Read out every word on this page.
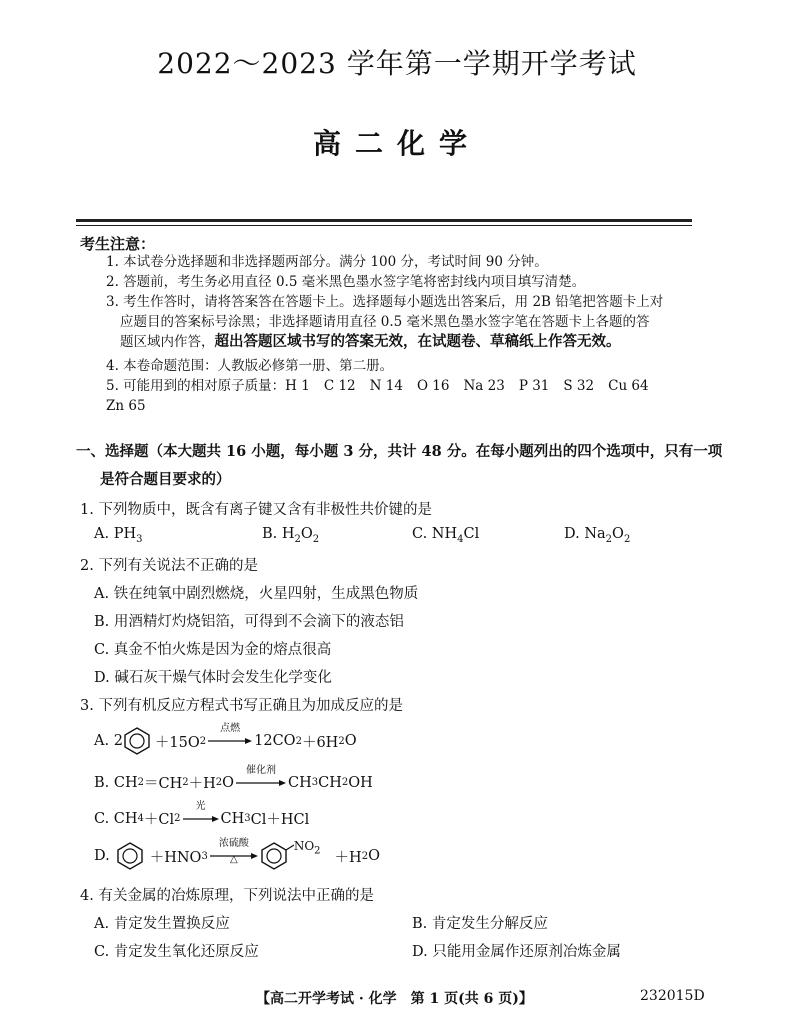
2022～2023 学年第一学期开学考试
高二化学
考生注意：
1. 本试卷分选择题和非选择题两部分。满分 100 分，考试时间 90 分钟。
2. 答题前，考生务必用直径 0.5 毫米黑色墨水签字笔将密封线内项目填写清楚。
3. 考生作答时，请将答案答在答题卡上。选择题每小题选出答案后，用 2B 铅笔把答题卡上对
应题目的答案标号涂黑；非选择题请用直径 0.5 毫米黑色墨水签字笔在答题卡上各题的答
题区域内作答，超出答题区域书写的答案无效，在试题卷、草稿纸上作答无效。
4. 本卷命题范围：人教版必修第一册、第二册。
5. 可能用到的相对原子质量：H 1 C 12 N 14 O 16 Na 23 P 31 S 32 Cu 64
Zn 65
一、选择题（本大题共 16 小题，每小题 3 分，共计 48 分。在每小题列出的四个选项中，只有一项
是符合题目要求的）
1. 下列物质中，既含有离子键又含有非极性共价键的是
A. $PH_3$	B. $H_2O_2$	C. $NH_4Cl$	D. $Na_2O_2$
2. 下列有关说法不正确的是
A. 铁在纯氧中剧烈燃烧，火星四射，生成黑色物质
B. 用酒精灯灼烧铝箔，可得到不会滴下的液态铝
C. 真金不怕火炼是因为金的熔点很高
D. 碱石灰干燥气体时会发生化学变化
3. 下列有机反应方程式书写正确且为加成反应的是
A. 2 ＋15O 2
点燃
12CO 2 ＋6H 2 O
B. CH 2 ＝CH 2 ＋H 2 O
催化剂
CH 3 CH 2 OH
C. CH 4 ＋Cl 2
光
CH 3 Cl＋HCl
D.	＋HNO 3
浓硫酸
△
$NO_2 +H$ 2 O
4. 有关金属的冶炼原理，下列说法中正确的是
A. 肯定发生置换反应	B. 肯定发生分解反应
C. 肯定发生氧化还原反应	D. 只能用金属作还原剂冶炼金属
【高二开学考试 · 化学　第 1 页(共 6 页)】	232015D
